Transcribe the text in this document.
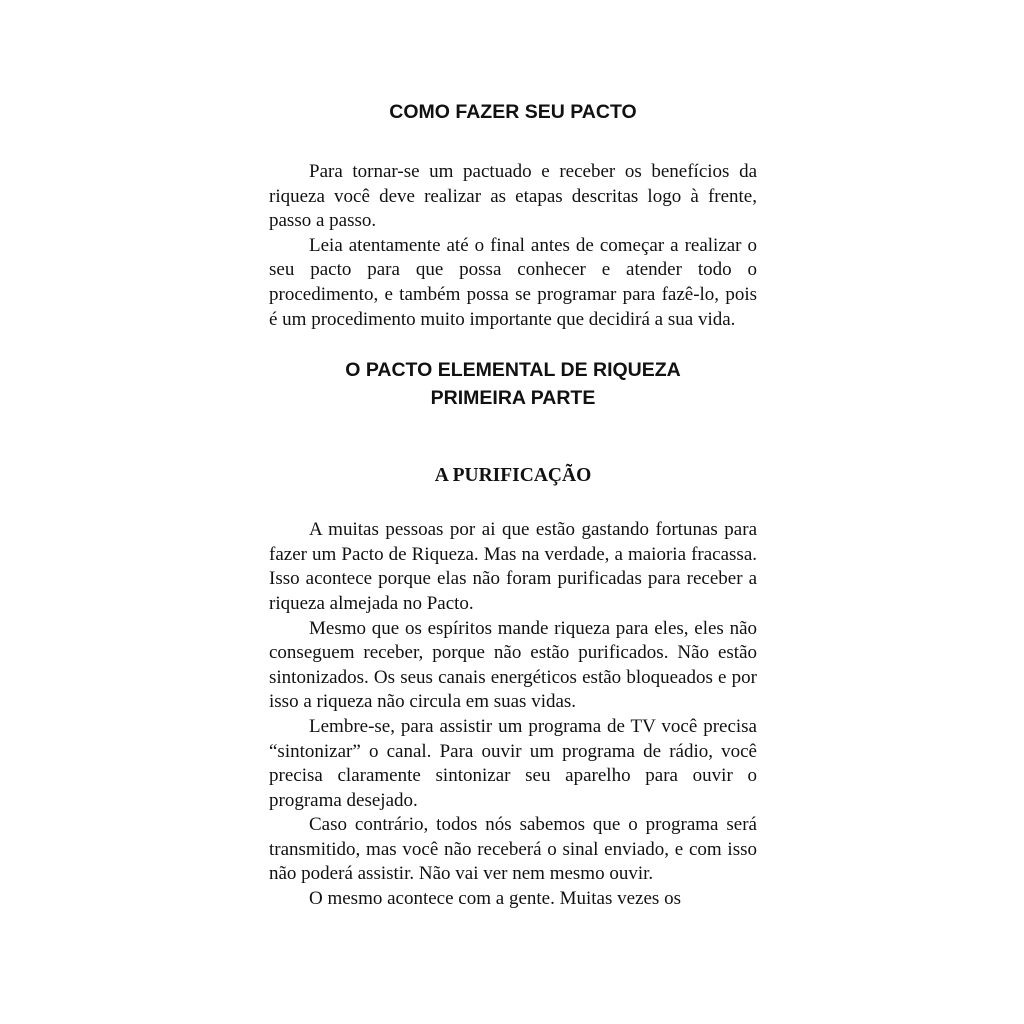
COMO FAZER SEU PACTO

Para tornar-se um pactuado e receber os benefícios da riqueza você deve realizar as etapas descritas logo à frente, passo a passo.

Leia atentamente até o final antes de começar a realizar o seu pacto para que possa conhecer e atender todo o procedimento, e também possa se programar para fazê-lo, pois é um procedimento muito importante que decidirá a sua vida.

O PACTO ELEMENTAL DE RIQUEZA
PRIMEIRA PARTE
A PURIFICAÇÃO

A muitas pessoas por ai que estão gastando fortunas para fazer um Pacto de Riqueza. Mas na verdade, a maioria fracassa. Isso acontece porque elas não foram purificadas para receber a riqueza almejada no Pacto.

Mesmo que os espíritos mande riqueza para eles, eles não conseguem receber, porque não estão purificados. Não estão sintonizados. Os seus canais energéticos estão bloqueados e por isso a riqueza não circula em suas vidas.

Lembre-se, para assistir um programa de TV você precisa “sintonizar” o canal. Para ouvir um programa de rádio, você precisa claramente sintonizar seu aparelho para ouvir o programa desejado.

Caso contrário, todos nós sabemos que o programa será transmitido, mas você não receberá o sinal enviado, e com isso não poderá assistir. Não vai ver nem mesmo ouvir.

O mesmo acontece com a gente. Muitas vezes os
